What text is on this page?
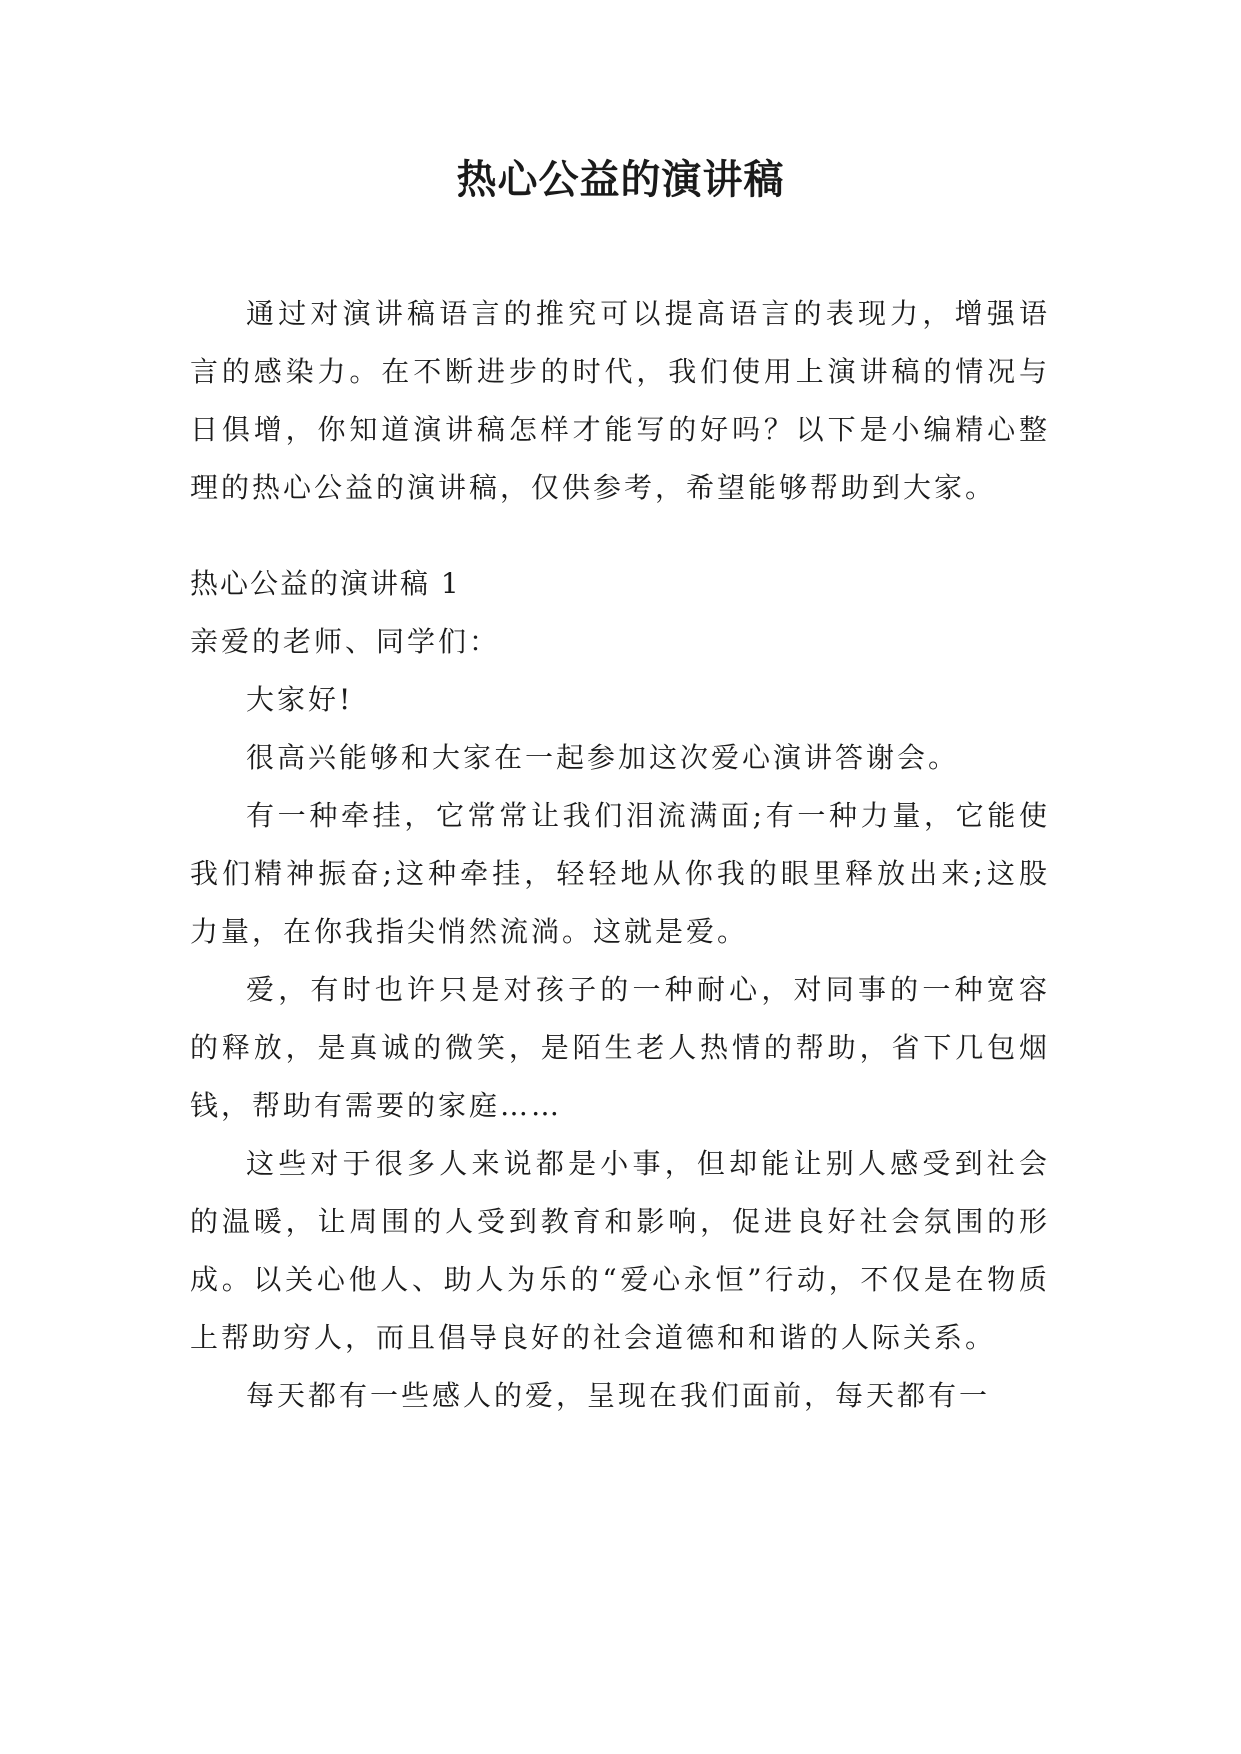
热心公益的演讲稿

通过对演讲稿语言的推究可以提高语言的表现力，增强语言的感染力。在不断进步的时代，我们使用上演讲稿的情况与日俱增，你知道演讲稿怎样才能写的好吗？以下是小编精心整理的热心公益的演讲稿，仅供参考，希望能够帮助到大家。

热心公益的演讲稿 1

亲爱的老师、同学们：

大家好!

很高兴能够和大家在一起参加这次爱心演讲答谢会。

有一种牵挂，它常常让我们泪流满面;有一种力量，它能使我们精神振奋;这种牵挂，轻轻地从你我的眼里释放出来;这股力量，在你我指尖悄然流淌。这就是爱。

爱，有时也许只是对孩子的一种耐心，对同事的一种宽容的释放，是真诚的微笑，是陌生老人热情的帮助，省下几包烟钱，帮助有需要的家庭……

这些对于很多人来说都是小事，但却能让别人感受到社会的温暖，让周围的人受到教育和影响，促进良好社会氛围的形成。以关心他人、助人为乐的“爱心永恒”行动，不仅是在物质上帮助穷人，而且倡导良好的社会道德和和谐的人际关系。

每天都有一些感人的爱，呈现在我们面前，每天都有一
